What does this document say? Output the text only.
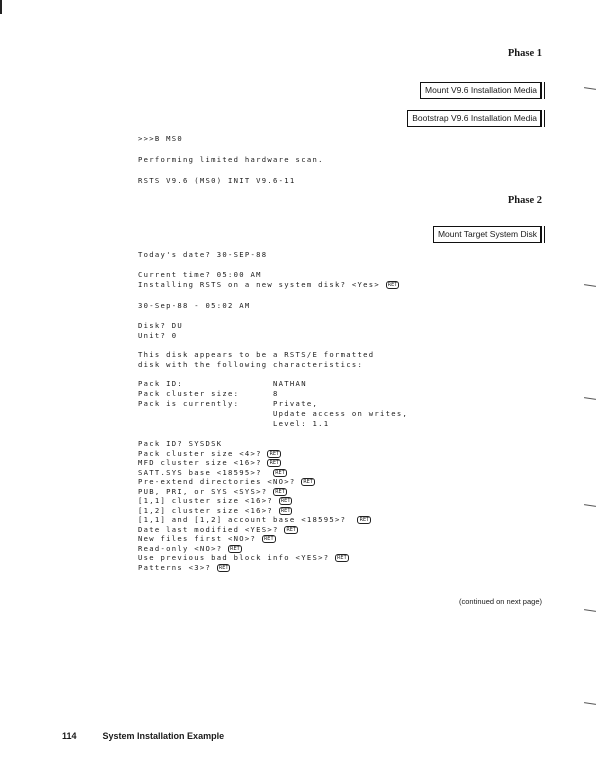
Phase 1
Mount V9.6 Installation Media
Bootstrap V9.6 Installation Media
>>>B MS0
Performing limited hardware scan.
RSTS V9.6 (MS0) INIT V9.6-11
Phase 2
Mount Target System Disk
Today's date? 30-SEP-88
Current time? 05:00 AM
Installing RSTS on a new system disk? <Yes> RET
30-Sep-88 - 05:02 AM
Disk? DU
Unit? 0
This disk appears to be a RSTS/E formatted
disk with the following characteristics:
Pack ID:                NATHAN
Pack cluster size:      8
Pack is currently:      Private,
Update access on writes,
Level: 1.1
Pack ID? SYSDSK
Pack cluster size <4>? RET
MFD cluster size <16>? RET
SATT.SYS base <18595>?  RET
Pre-extend directories <NO>? RET
PUB, PRI, or SYS <SYS>? RET
[1,1] cluster size <16>? RET
[1,2] cluster size <16>? RET
[1,1] and [1,2] account base <18595>?  RET
Date last modified <YES>? RET
New files first <NO>? RET
Read-only <NO>? RET
Use previous bad block info <YES>? RET
Patterns <3>? RET
(continued on next page)
114	System Installation Example
